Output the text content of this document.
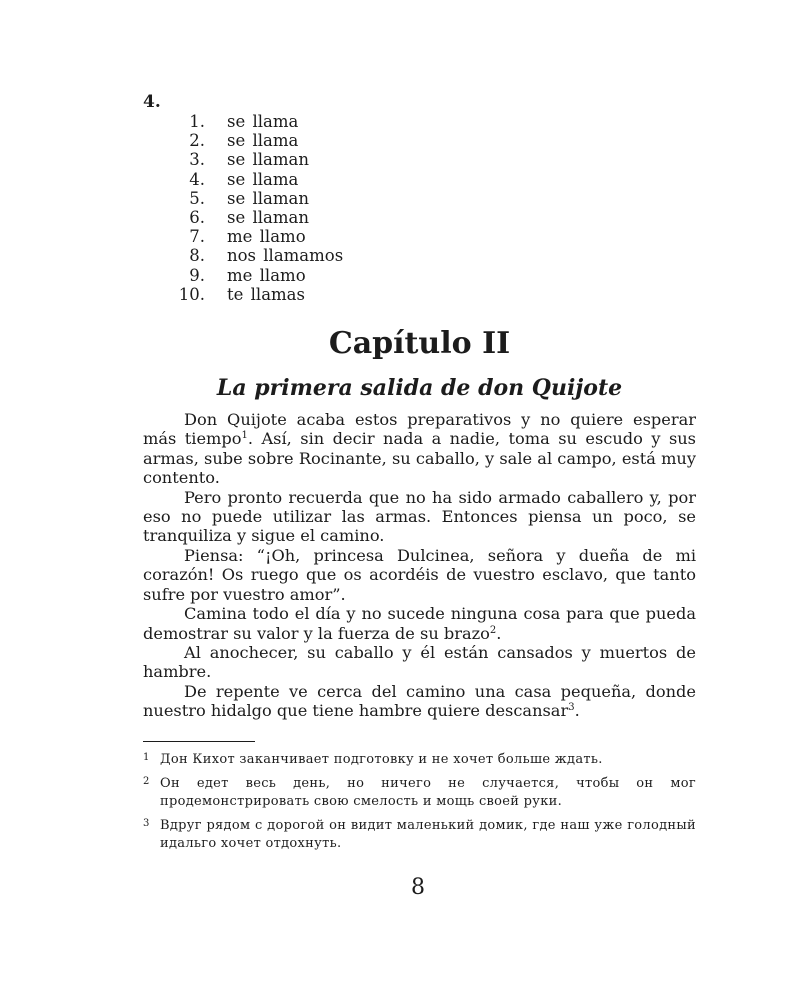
4.
1. se llama
2. se llama
3. se llaman
4. se llama
5. se llaman
6. se llaman
7. me llamo
8. nos llamamos
9. me llamo
10. te llamas
Capítulo II
La primera salida de don Quijote

Don Quijote acaba estos preparativos y no quiere esperar más tiempo$^1$. Así, sin decir nada a nadie, toma su escudo y sus armas, sube sobre Rocinante, su caballo, y sale al campo, está muy contento.

Pero pronto recuerda que no ha sido armado caballero y, por eso no puede utilizar las armas. Entonces piensa un poco, se tranquiliza y sigue el camino.

Piensa: “¡Oh, princesa Dulcinea, señora y dueña de mi corazón! Os ruego que os acordéis de vuestro esclavo, que tanto sufre por vuestro amor”.

Camina todo el día y no sucede ninguna cosa para que pueda demostrar su valor y la fuerza de su brazo$^2$.

Al anochecer, su caballo y él están cansados y muertos de hambre.

De repente ve cerca del camino una casa pequeña, donde nuestro hidalgo que tiene hambre quiere descansar$^3$.

1 Дон Кихот заканчивает подготовку и не хочет больше ждать.
2 Он едет весь день, но ничего не случается, чтобы он мог продемонстрировать свою смелость и мощь своей руки.
3 Вдруг рядом с дорогой он видит маленький домик, где наш уже голодный идальго хочет отдохнуть.
8
